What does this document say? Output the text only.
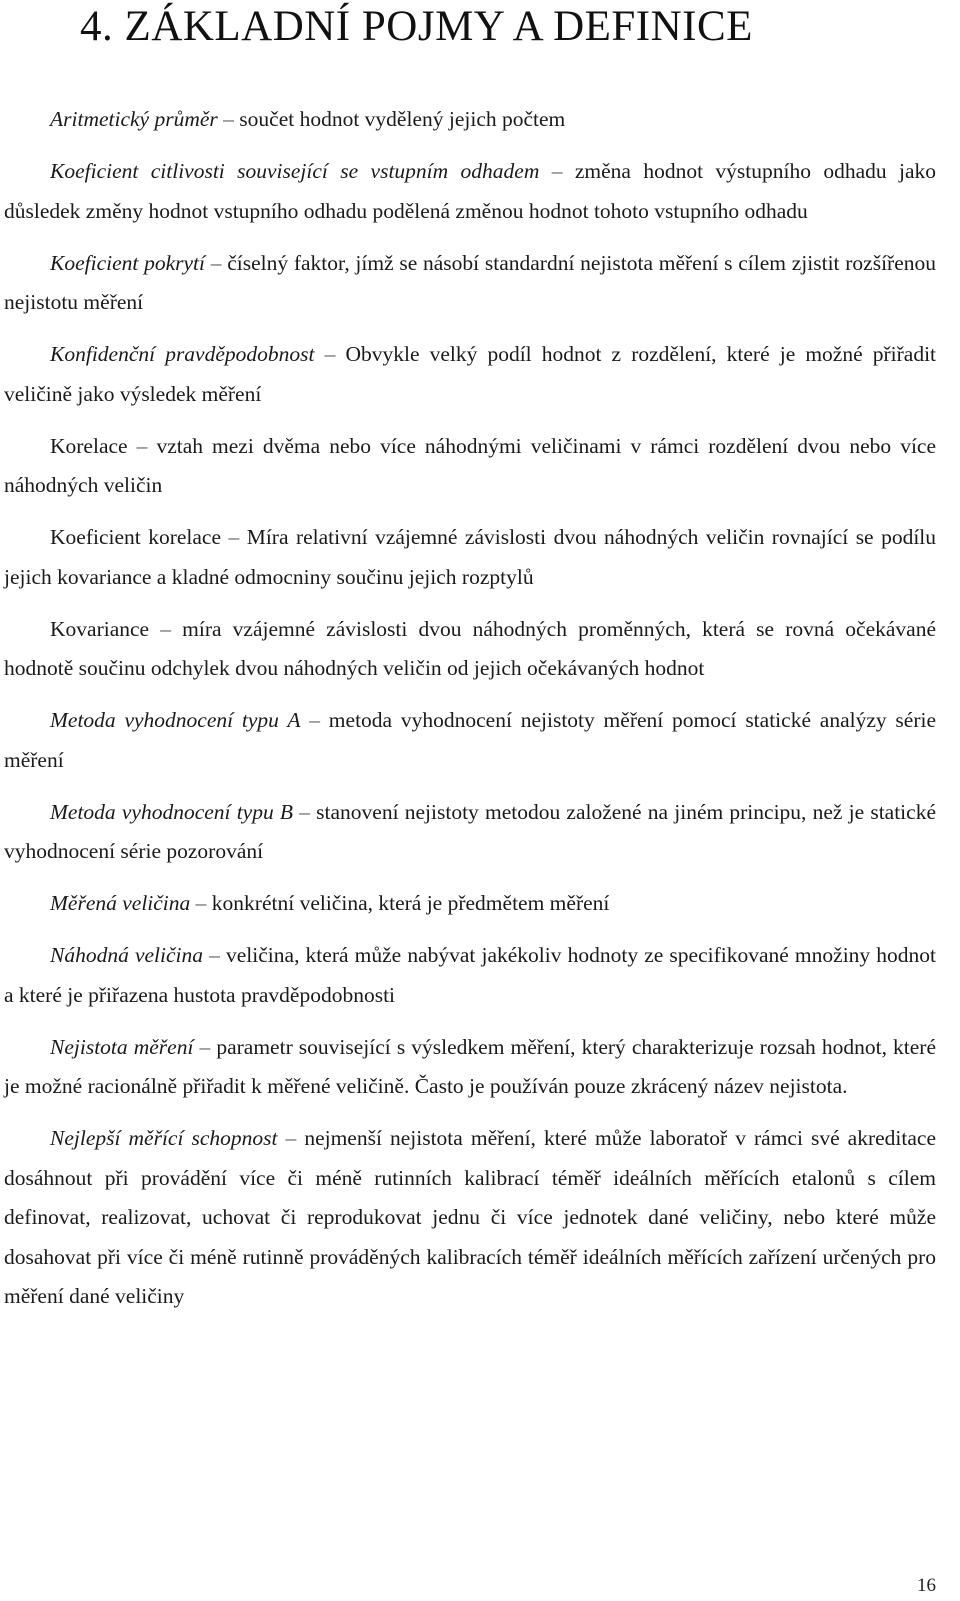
4. ZÁKLADNÍ POJMY A DEFINICE

Aritmetický průměr – součet hodnot vydělený jejich počtem

Koeficient citlivosti související se vstupním odhadem – změna hodnot výstupního odhadu jako důsledek změny hodnot vstupního odhadu podělená změnou hodnot tohoto vstupního odhadu

Koeficient pokrytí – číselný faktor, jímž se násobí standardní nejistota měření s cílem zjistit rozšířenou nejistotu měření

Konfidenční pravděpodobnost – Obvykle velký podíl hodnot z rozdělení, které je možné přiřadit veličině jako výsledek měření

Korelace – vztah mezi dvěma nebo více náhodnými veličinami v rámci rozdělení dvou nebo více náhodných veličin

Koeficient korelace – Míra relativní vzájemné závislosti dvou náhodných veličin rovnající se podílu jejich kovariance a kladné odmocniny součinu jejich rozptylů

Kovariance – míra vzájemné závislosti dvou náhodných proměnných, která se rovná očekávané hodnotě součinu odchylek dvou náhodných veličin od jejich očekávaných hodnot

Metoda vyhodnocení typu A – metoda vyhodnocení nejistoty měření pomocí statické analýzy série měření

Metoda vyhodnocení typu B – stanovení nejistoty metodou založené na jiném principu, než je statické vyhodnocení série pozorování

Měřená veličina – konkrétní veličina, která je předmětem měření

Náhodná veličina – veličina, která může nabývat jakékoliv hodnoty ze specifikované množiny hodnot a které je přiřazena hustota pravděpodobnosti

Nejistota měření – parametr související s výsledkem měření, který charakterizuje rozsah hodnot, které je možné racionálně přiřadit k měřené veličině. Často je používán pouze zkrácený název nejistota.

Nejlepší měřící schopnost – nejmenší nejistota měření, které může laboratoř v rámci své akreditace dosáhnout při provádění více či méně rutinních kalibrací téměř ideálních měřících etalonů s cílem definovat, realizovat, uchovat či reprodukovat jednu či více jednotek dané veličiny, nebo které může dosahovat při více či méně rutinně prováděných kalibracích téměř ideálních měřících zařízení určených pro měření dané veličiny

16
